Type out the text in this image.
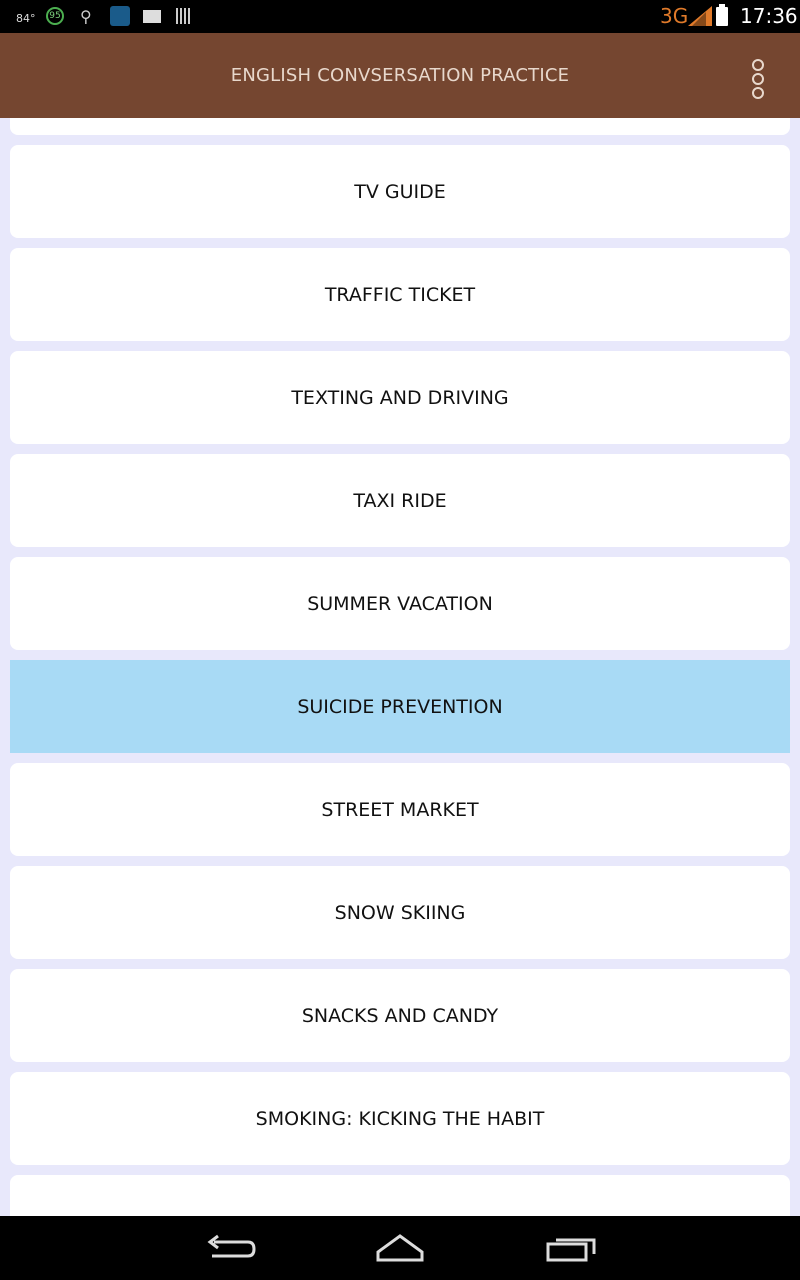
84°	95 ⚲	3G	17:36
ENGLISH CONVSERSATION PRACTICE
TV GUIDE
TRAFFIC TICKET
TEXTING AND DRIVING
TAXI RIDE
SUMMER VACATION
SUICIDE PREVENTION
STREET MARKET
SNOW SKIING
SNACKS AND CANDY
SMOKING: KICKING THE HABIT
